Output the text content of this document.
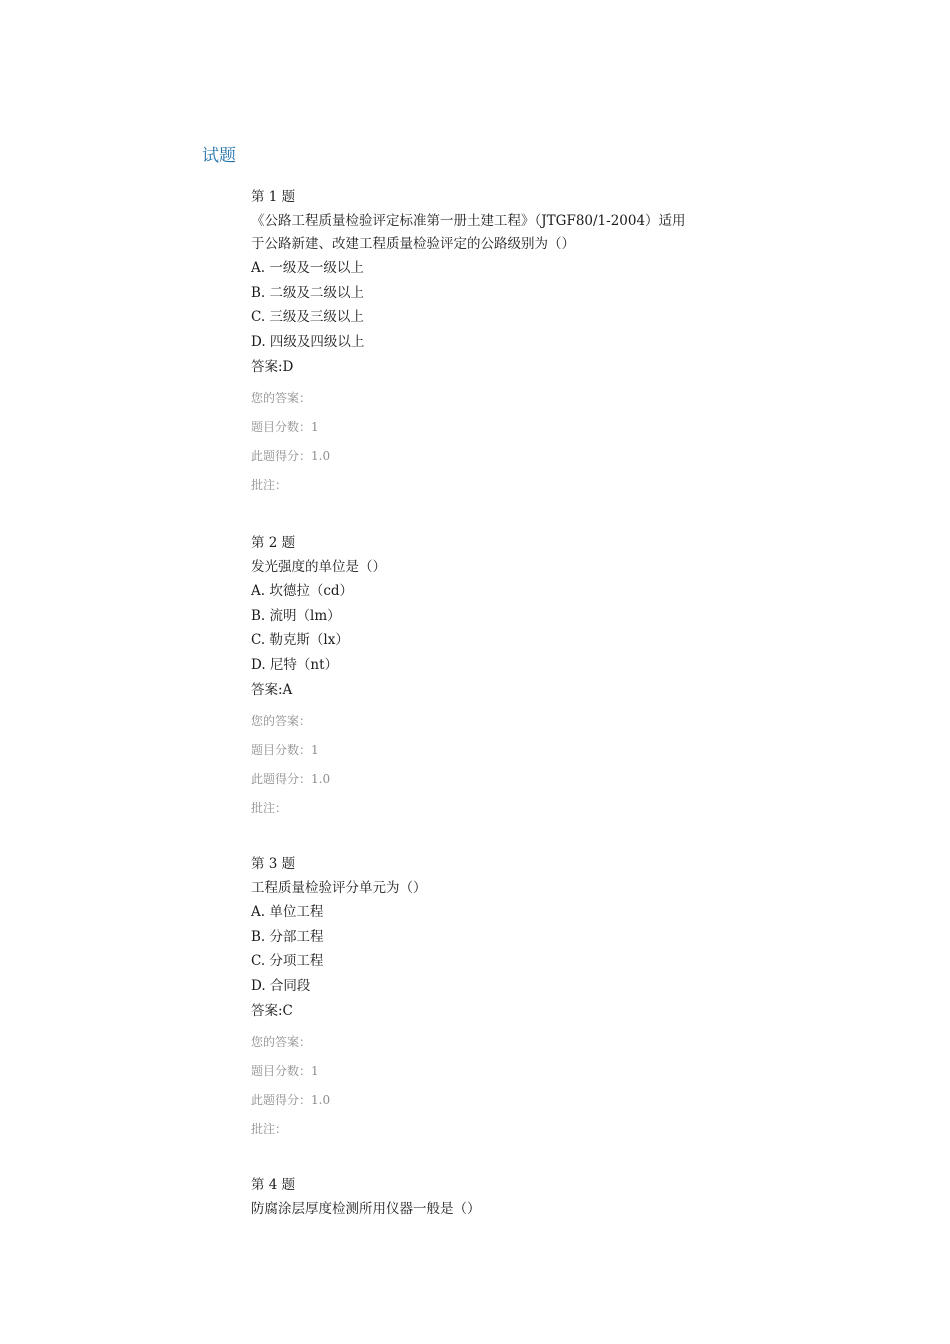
试题
第 1 题
《公路工程质量检验评定标准第一册土建工程》（JTGF80/1-2004）适用于公路新建、改建工程质量检验评定的公路级别为（）
A. 一级及一级以上
B. 二级及二级以上
C. 三级及三级以上
D. 四级及四级以上
答案:D
您的答案：
题目分数：1
此题得分：1.0
批注：
第 2 题
发光强度的单位是（）
A. 坎德拉（cd）
B. 流明（lm）
C. 勒克斯（lx）
D. 尼特（nt）
答案:A
您的答案：
题目分数：1
此题得分：1.0
批注：
第 3 题
工程质量检验评分单元为（）
A. 单位工程
B. 分部工程
C. 分项工程
D. 合同段
答案:C
您的答案：
题目分数：1
此题得分：1.0
批注：
第 4 题
防腐涂层厚度检测所用仪器一般是（）
